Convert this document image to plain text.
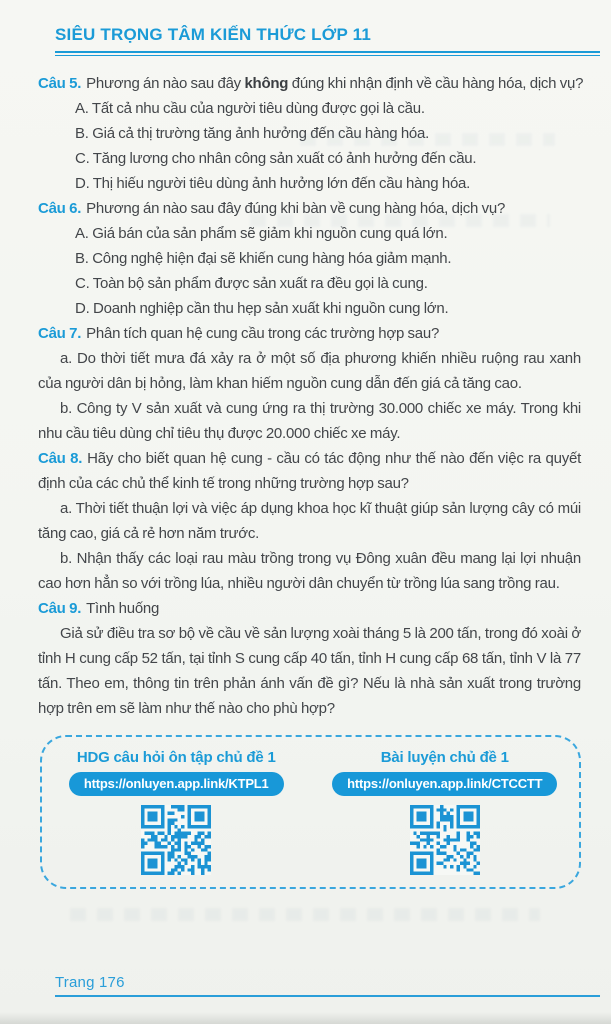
SIÊU TRỌNG TÂM KIẾN THỨC LỚP 11

Câu 5. Phương án nào sau đây không đúng khi nhận định về cầu hàng hóa, dịch vụ?

A. Tất cả nhu cầu của người tiêu dùng được gọi là cầu.

B. Giá cả thị trường tăng ảnh hưởng đến cầu hàng hóa.

C. Tăng lương cho nhân công sản xuất có ảnh hưởng đến cầu.

D. Thị hiếu người tiêu dùng ảnh hưởng lớn đến cầu hàng hóa.

Câu 6. Phương án nào sau đây đúng khi bàn về cung hàng hóa, dịch vụ?

A. Giá bán của sản phẩm sẽ giảm khi nguồn cung quá lớn.

B. Công nghệ hiện đại sẽ khiến cung hàng hóa giảm mạnh.

C. Toàn bộ sản phẩm được sản xuất ra đều gọi là cung.

D. Doanh nghiệp cần thu hẹp sản xuất khi nguồn cung lớn.

Câu 7. Phân tích quan hệ cung cầu trong các trường hợp sau?

a. Do thời tiết mưa đá xảy ra ở một số địa phương khiến nhiều ruộng rau xanh của người dân bị hỏng, làm khan hiếm nguồn cung dẫn đến giá cả tăng cao.

b. Công ty V sản xuất và cung ứng ra thị trường 30.000 chiếc xe máy. Trong khi nhu cầu tiêu dùng chỉ tiêu thụ được 20.000 chiếc xe máy.

Câu 8. Hãy cho biết quan hệ cung - cầu có tác động như thế nào đến việc ra quyết định của các chủ thể kinh tế trong những trường hợp sau?

a. Thời tiết thuận lợi và việc áp dụng khoa học kĩ thuật giúp sản lượng cây có múi tăng cao, giá cả rẻ hơn năm trước.

b. Nhận thấy các loại rau màu trồng trong vụ Đông xuân đều mang lại lợi nhuận cao hơn hẳn so với trồng lúa, nhiều người dân chuyển từ trồng lúa sang trồng rau.

Câu 9. Tình huống

Giả sử điều tra sơ bộ về cầu về sản lượng xoài tháng 5 là 200 tấn, trong đó xoài ở tỉnh H cung cấp 52 tấn, tại tỉnh S cung cấp 40 tấn, tỉnh H cung cấp 68 tấn, tỉnh V là 77 tấn. Theo em, thông tin trên phản ánh vấn đề gì? Nếu là nhà sản xuất trong trường hợp trên em sẽ làm như thế nào cho phù hợp?

HDG câu hỏi ôn tập chủ đề 1
https://onluyen.app.link/KTPL1
Bài luyện chủ đề 1
https://onluyen.app.link/CTCCTT
Trang 176
